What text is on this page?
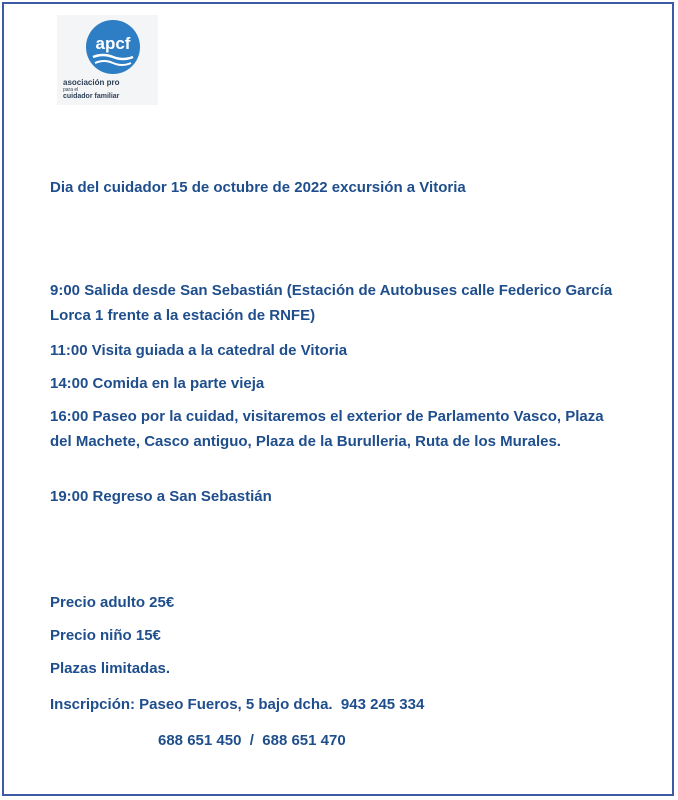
apcf
asociación pro
para el
cuidador familiar
Dia del cuidador 15 de octubre de 2022 excursión a Vitoria
9:00 Salida desde San Sebastián (Estación de Autobuses calle Federico García Lorca 1 frente a la estación de RNFE)
11:00 Visita guiada a la catedral de Vitoria
14:00 Comida en la parte vieja
16:00 Paseo por la cuidad, visitaremos el exterior de Parlamento Vasco, Plaza del Machete, Casco antiguo, Plaza de la Burulleria, Ruta de los Murales.
19:00 Regreso a San Sebastián
Precio adulto 25€
Precio niño 15€
Plazas limitadas.
Inscripción: Paseo Fueros, 5 bajo dcha.  943 245 334
688 651 450  /  688 651 470
